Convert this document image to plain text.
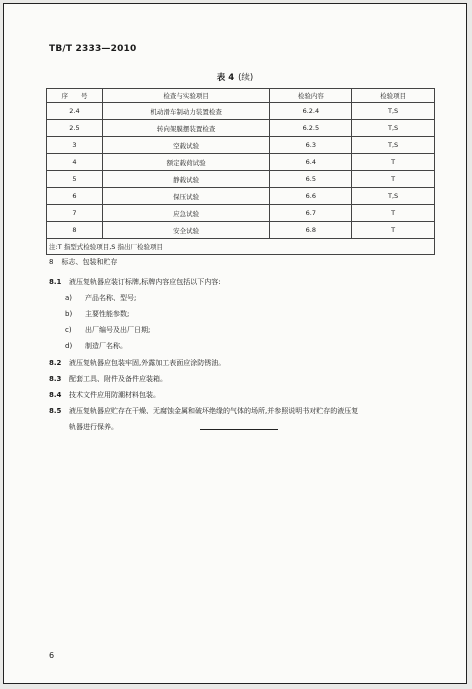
TB/T 2333—2010
表 4 (续)
序　　号	检查与实验项目	检验内容	检验项目
2.4	机动滑车制动力装置检查	6.2.4	T,S
2.5	转向架膜摆装置检查	6.2.5	T,S
3	空载试验	6.3	T,S
4	额定载荷试验	6.4	T
5	静载试验	6.5	T
6	保压试验	6.6	T,S
7	应急试验	6.7	T
8	安全试验	6.8	T
注:T 指型式检验项目,S 指出厂检验项目			
8 标志、包装和贮存
8.1 液压复轨器应装订标牌,标牌内容应包括以下内容:
a) 产品名称、型号;
b) 主要性能参数;
c) 出厂编号及出厂日期;
d) 制造厂名称。
8.2 液压复轨器应包装牢固,外露加工表面应涂防锈油。
8.3 配套工具、附件及备件应装箱。
8.4 技术文件应用防潮材料包装。
8.5 液压复轨器应贮存在干燥、无腐蚀金属和破坏绝缘的气体的场所,并参照说明书对贮存的液压复
轨器进行保养。
6
